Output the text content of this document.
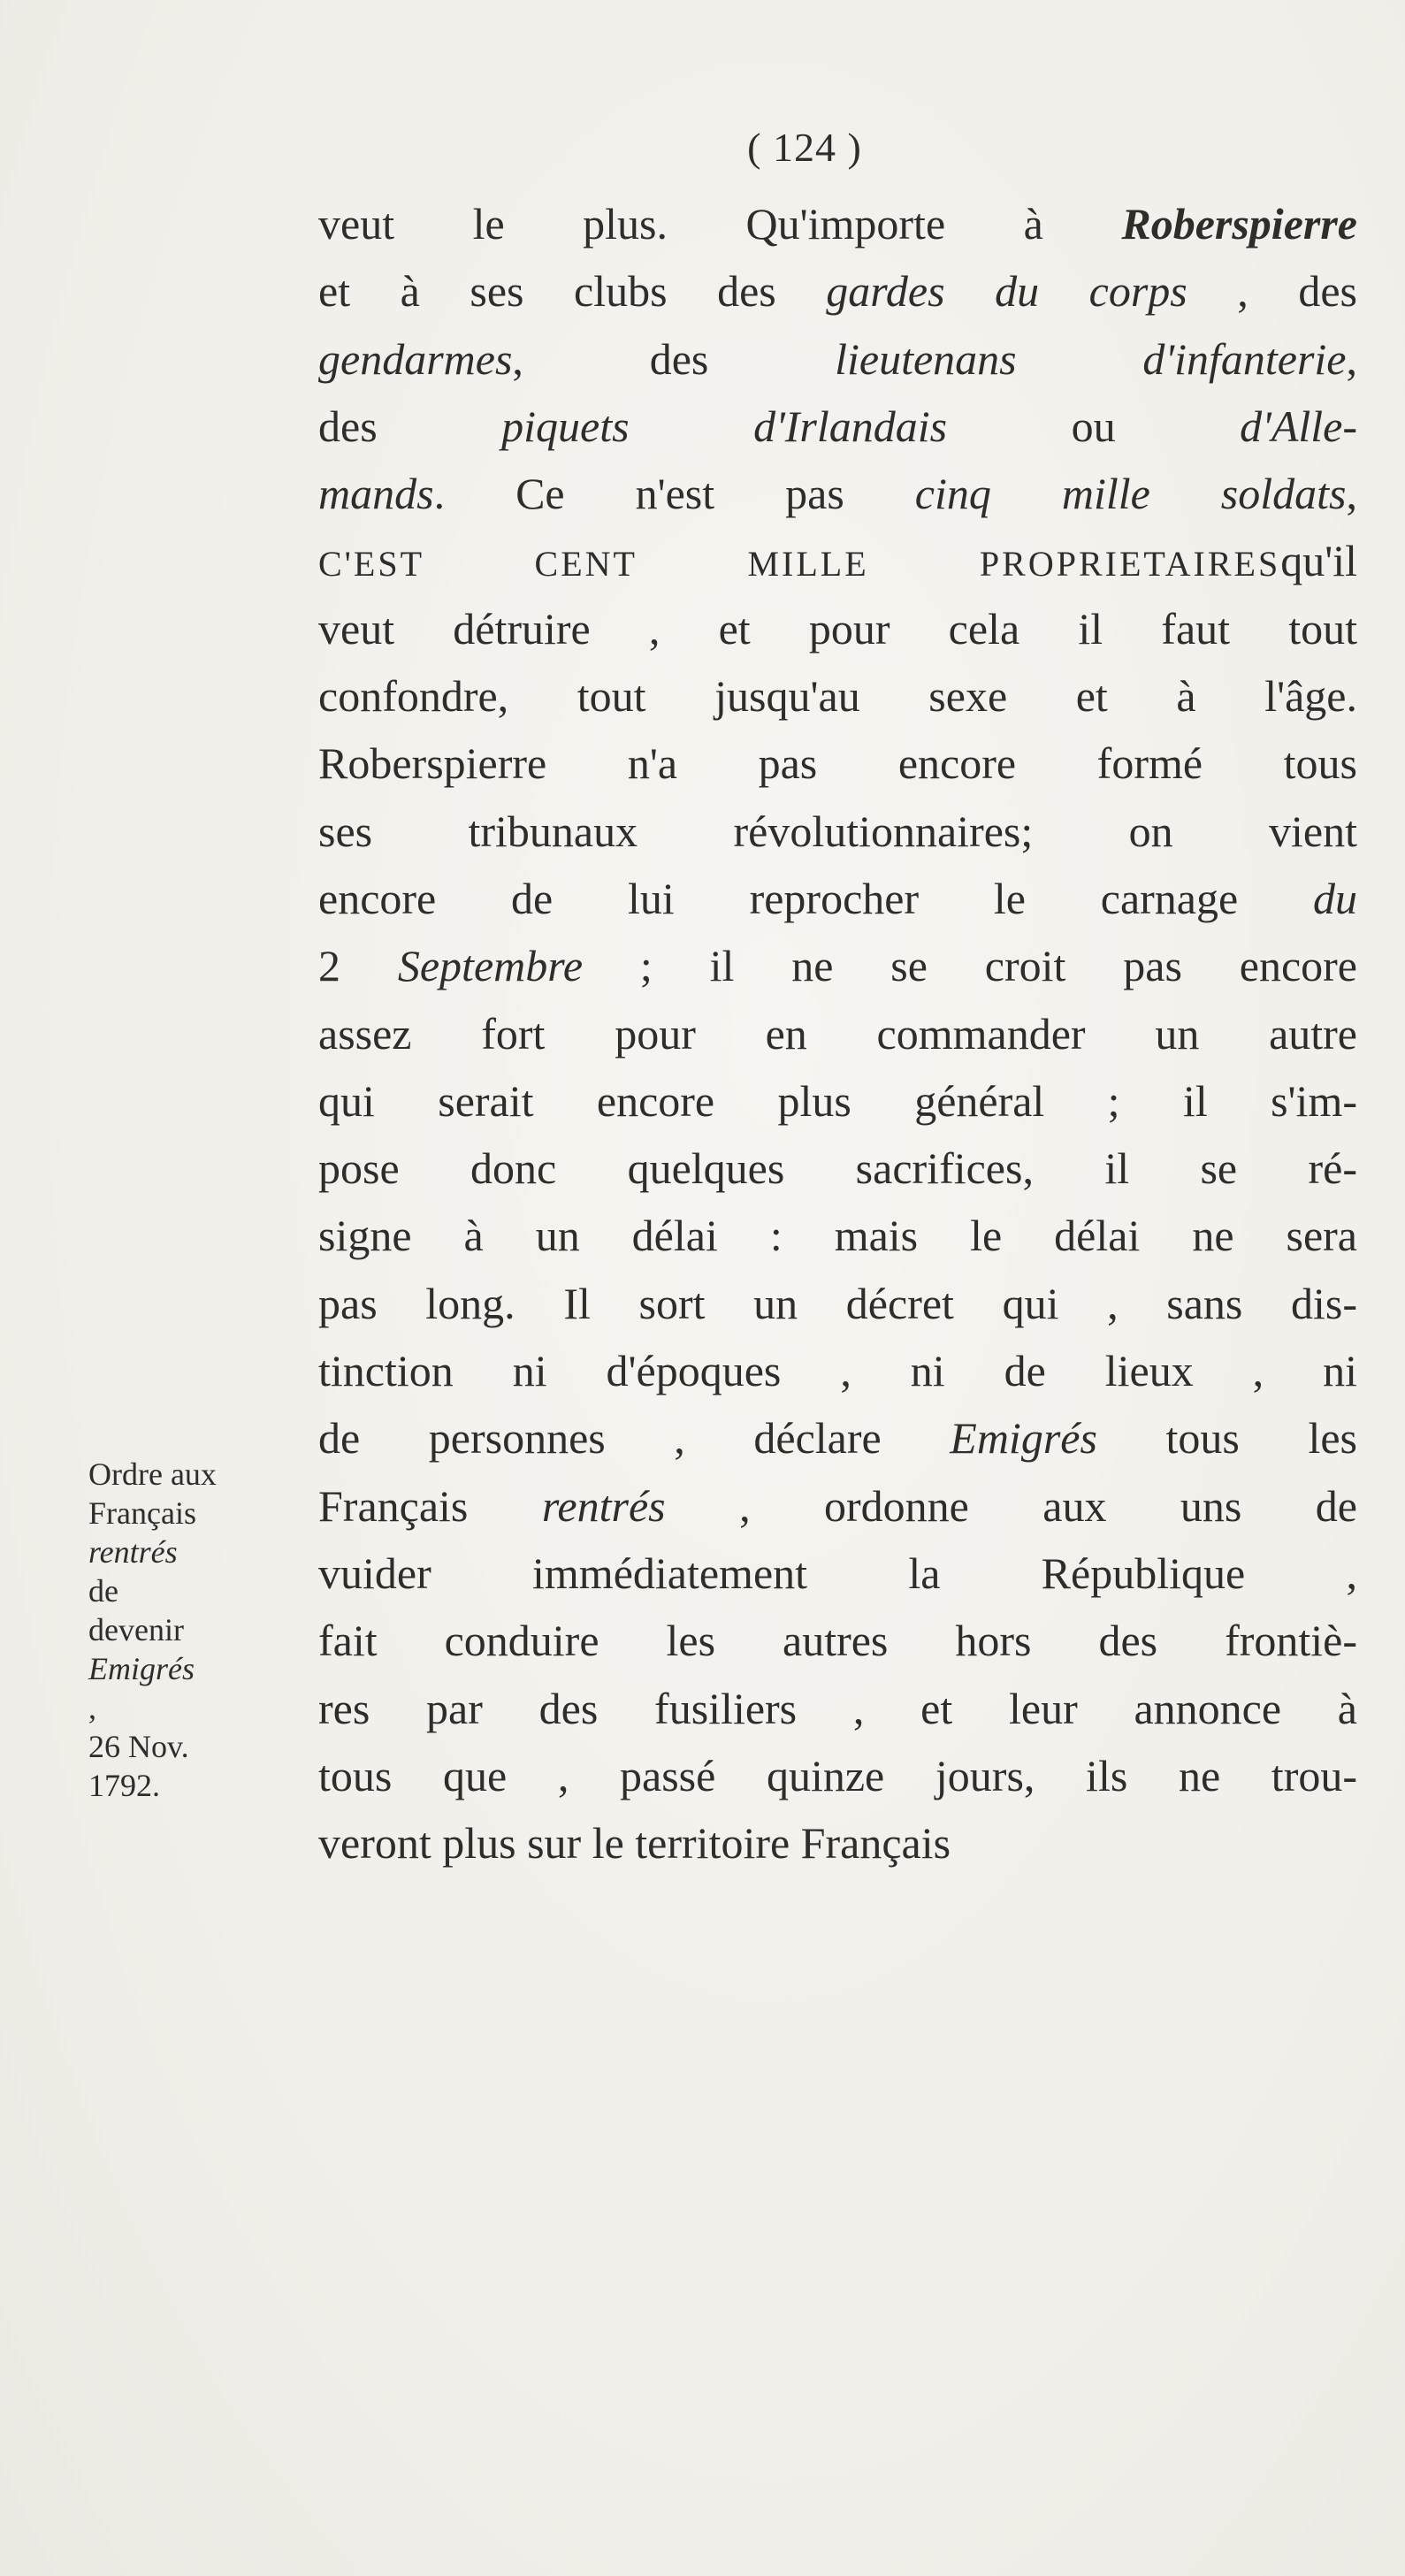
( 124 )
veut le plus. Qu'importe à Roberspierre
et à ses clubs des gardes du corps , des
gendarmes, des lieutenans d'infanterie,
des piquets d'Irlandais ou d'Alle-
mands. Ce n'est pas cinq mille soldats,
C'EST CENT MILLE PROPRIETAIRESqu'il
veut détruire , et pour cela il faut tout
confondre, tout jusqu'au sexe et à l'âge.
Roberspierre n'a pas encore formé tous
ses tribunaux révolutionnaires; on vient
encore de lui reprocher le carnage du
2 Septembre ; il ne se croit pas encore
assez fort pour en commander un autre
qui serait encore plus général ; il s'im-
pose donc quelques sacrifices, il se ré-
signe à un délai : mais le délai ne sera
pas long. Il sort un décret qui , sans dis-
tinction ni d'époques , ni de lieux , ni
de personnes , déclare Emigrés tous les
Français rentrés , ordonne aux uns de
vuider immédiatement la République ,
fait conduire les autres hors des frontiè-
res par des fusiliers , et leur annonce à
tous que , passé quinze jours, ils ne trou-
veront plus sur le territoire Français
Ordre aux
Français
rentrés
de
devenir
Emigrés
,
26 Nov.
1792.
